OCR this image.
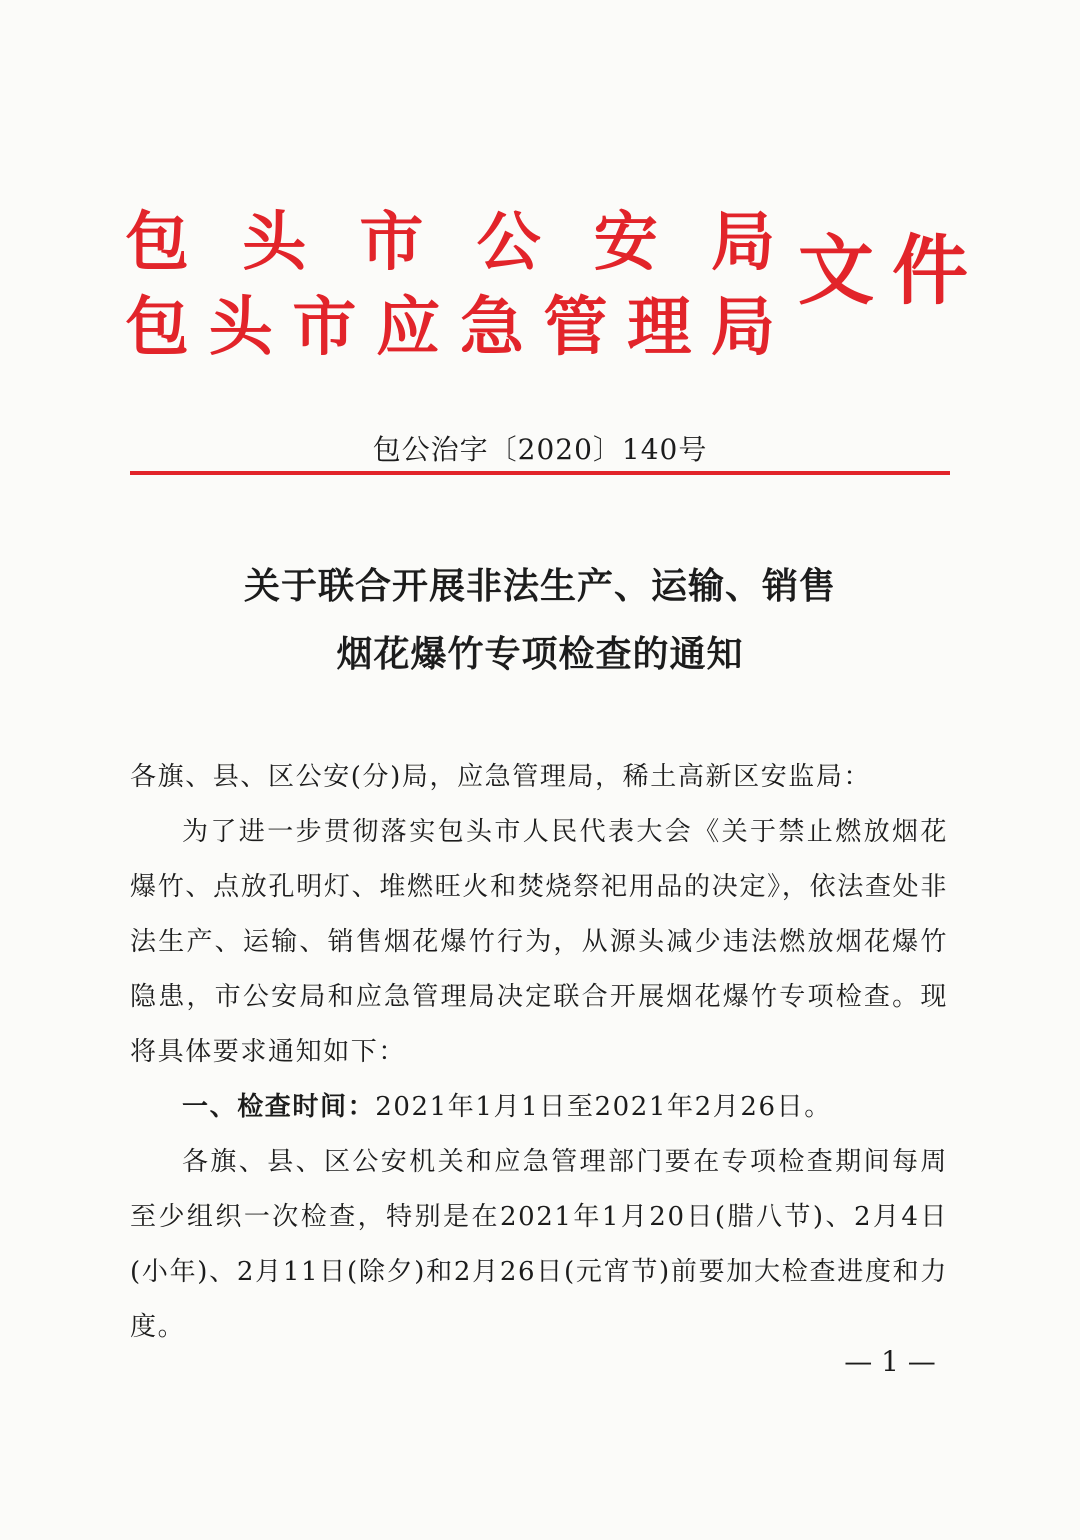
包 头 市 公 安 局
包 头 市 应 急 管 理 局
文 件
包公治字〔2020〕140号
关于联合开展非法生产、运输、销售
烟花爆竹专项检查的通知

各旗、县、区公安(分)局，应急管理局，稀土高新区安监局：

为了进一步贯彻落实包头市人民代表大会《关于禁止燃放烟花爆竹、点放孔明灯、堆燃旺火和焚烧祭祀用品的决定》，依法查处非法生产、运输、销售烟花爆竹行为，从源头减少违法燃放烟花爆竹隐患，市公安局和应急管理局决定联合开展烟花爆竹专项检查。现将具体要求通知如下：

一、检查时间：2021年1月1日至2021年2月26日。

各旗、县、区公安机关和应急管理部门要在专项检查期间每周至少组织一次检查，特别是在2021年1月20日(腊八节)、2月4日(小年)、2月11日(除夕)和2月26日(元宵节)前要加大检查进度和力度。

— 1 —
